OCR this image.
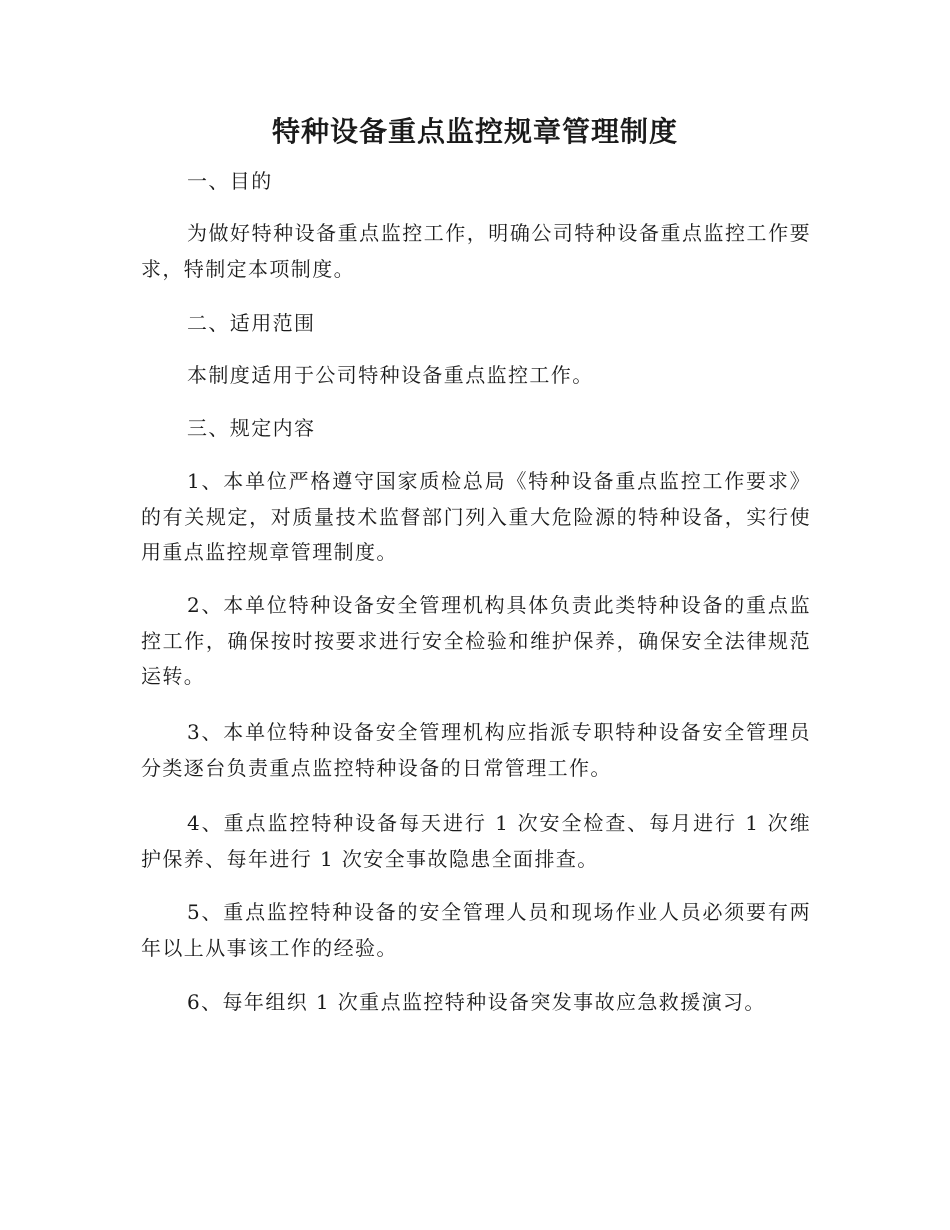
特种设备重点监控规章管理制度

一、目的

为做好特种设备重点监控工作，明确公司特种设备重点监控工作要求，特制定本项制度。

二、适用范围

本制度适用于公司特种设备重点监控工作。

三、规定内容

1、本单位严格遵守国家质检总局《特种设备重点监控工作要求》的有关规定，对质量技术监督部门列入重大危险源的特种设备，实行使用重点监控规章管理制度。

2、本单位特种设备安全管理机构具体负责此类特种设备的重点监控工作，确保按时按要求进行安全检验和维护保养，确保安全法律规范运转。

3、本单位特种设备安全管理机构应指派专职特种设备安全管理员分类逐台负责重点监控特种设备的日常管理工作。

4、重点监控特种设备每天进行 1 次安全检查、每月进行 1 次维护保养、每年进行 1 次安全事故隐患全面排查。

5、重点监控特种设备的安全管理人员和现场作业人员必须要有两年以上从事该工作的经验。

6、每年组织 1 次重点监控特种设备突发事故应急救援演习。
